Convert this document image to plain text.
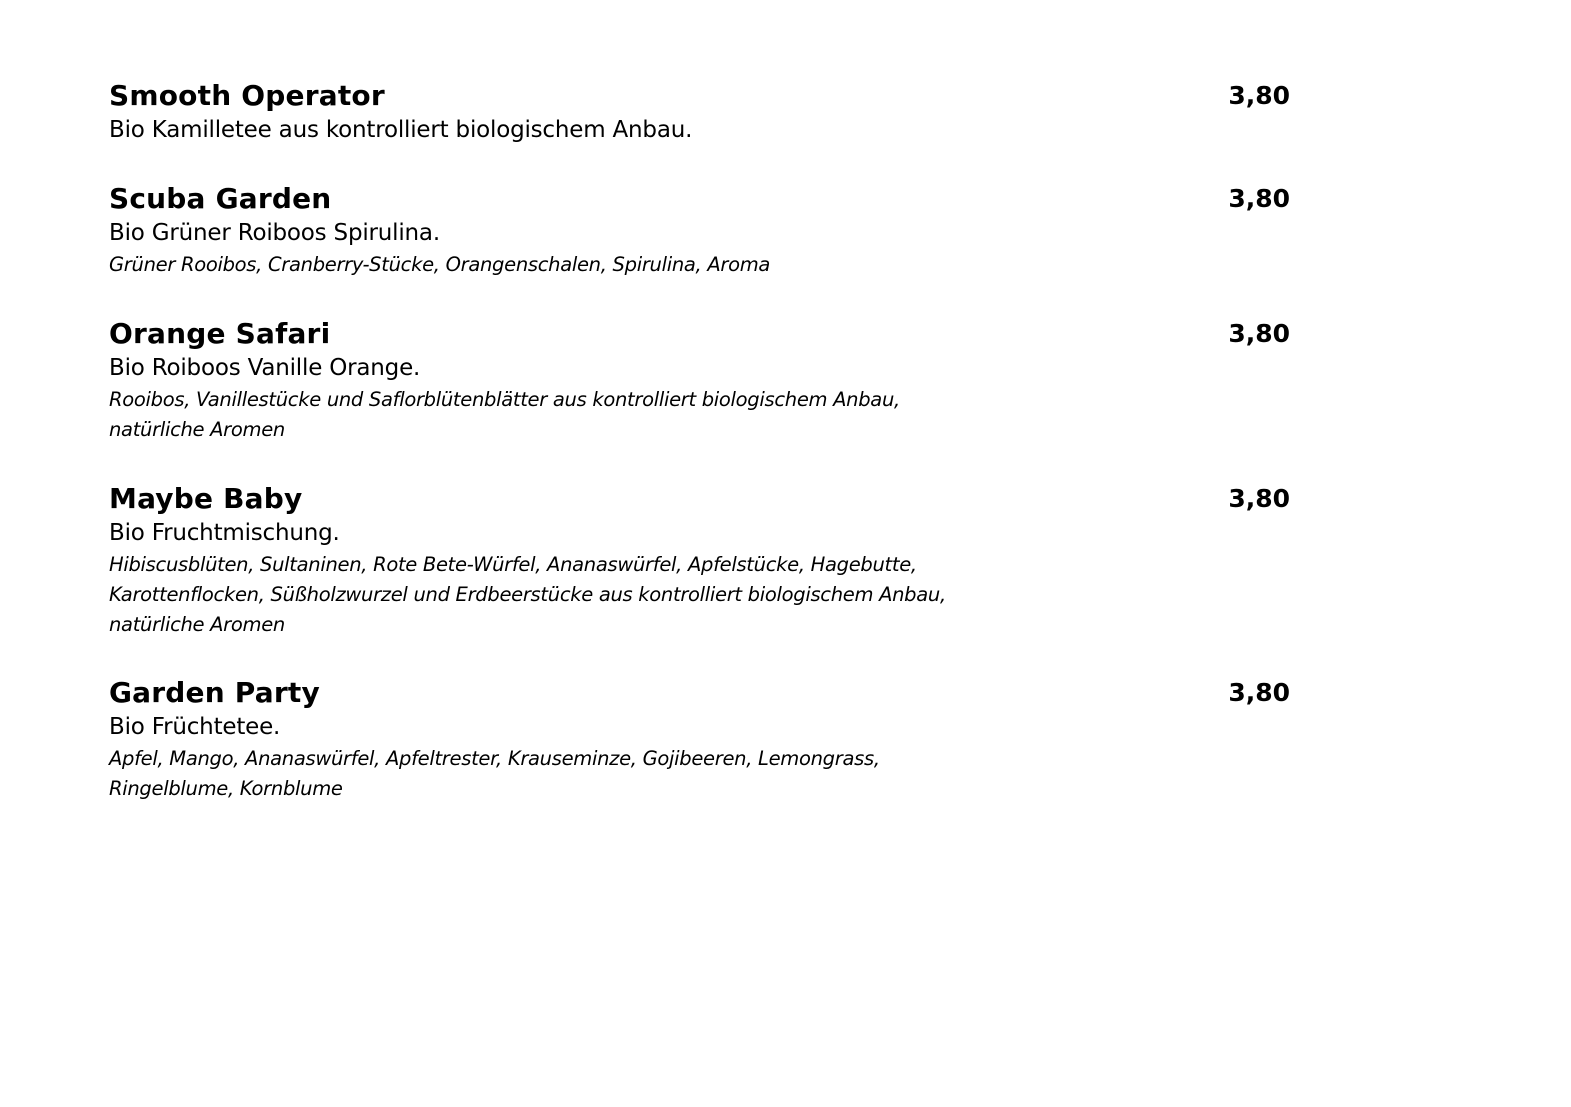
Smooth Operator	3,80
Bio Kamilletee aus kontrolliert biologischem Anbau.
Scuba Garden	3,80
Bio Grüner Roiboos Spirulina.
Grüner Rooibos, Cranberry-Stücke, Orangenschalen, Spirulina, Aroma
Orange Safari	3,80
Bio Roiboos Vanille Orange.
Rooibos, Vanillestücke und Saflorblütenblätter aus kontrolliert biologischem Anbau, natürliche Aromen
Maybe Baby	3,80
Bio Fruchtmischung.
Hibiscusblüten, Sultaninen, Rote Bete-Würfel, Ananaswürfel, Apfelstücke, Hagebutte, Karottenflocken, Süßholzwurzel und Erdbeerstücke aus kontrolliert biologischem Anbau, natürliche Aromen
Garden Party	3,80
Bio Früchtetee.
Apfel, Mango, Ananaswürfel, Apfeltrester, Krauseminze, Gojibeeren, Lemongrass, Ringelblume, Kornblume
